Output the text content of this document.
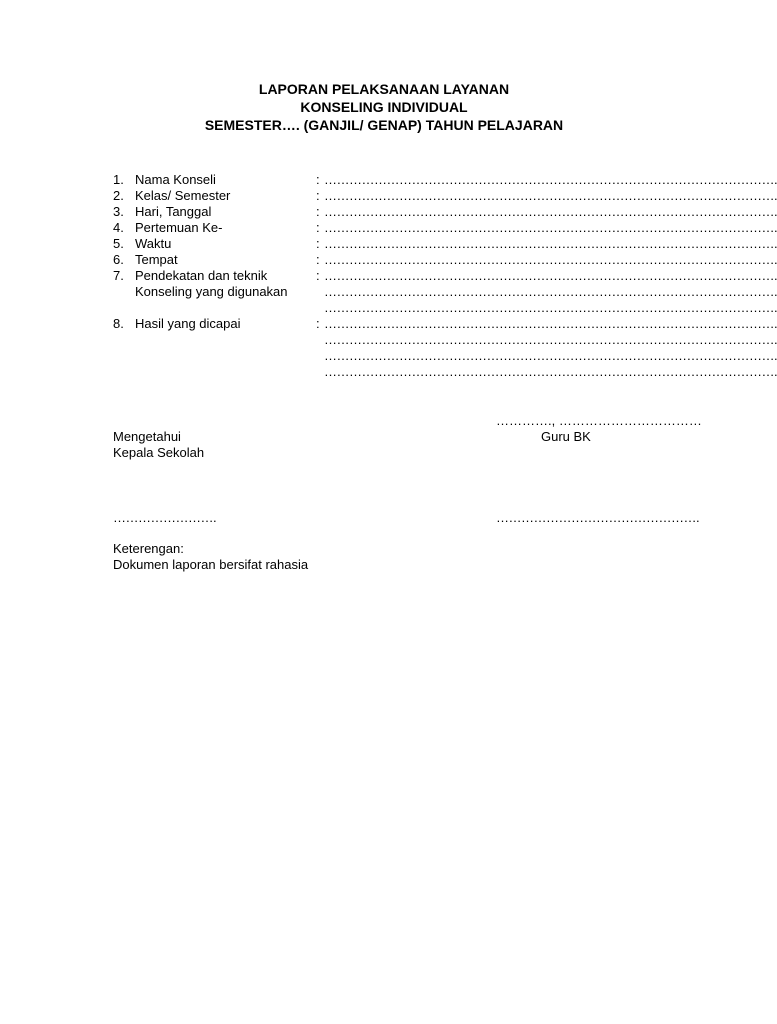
LAPORAN PELAKSANAAN LAYANAN
KONSELING INDIVIDUAL
SEMESTER…. (GANJIL/ GENAP) TAHUN PELAJARAN
1. Nama Konseli	: ……………………………………………………………………………………………….
2. Kelas/ Semester	: ……………………………………………………………………………………………….
3. Hari, Tanggal	: ……………………………………………………………………………………………….
4. Pertemuan Ke-	: ……………………………………………………………………………………………….
5. Waktu	: ……………………………………………………………………………………………….
6. Tempat	: ……………………………………………………………………………………………….
7. Pendekatan dan teknik	: ……………………………………………………………………………………………….
Konseling yang digunakan	……………………………………………………………………………………………….
……………………………………………………………………………………………….
8. Hasil yang dicapai	: ……………………………………………………………………………………………….
……………………………………………………………………………………………….
……………………………………………………………………………………………….
……………………………………………………………………………………………….
…………., ……………………………
Mengetahui
Kepala Sekolah
Guru BK
…………………….	………………………………………….
Keterengan:
Dokumen laporan bersifat rahasia
